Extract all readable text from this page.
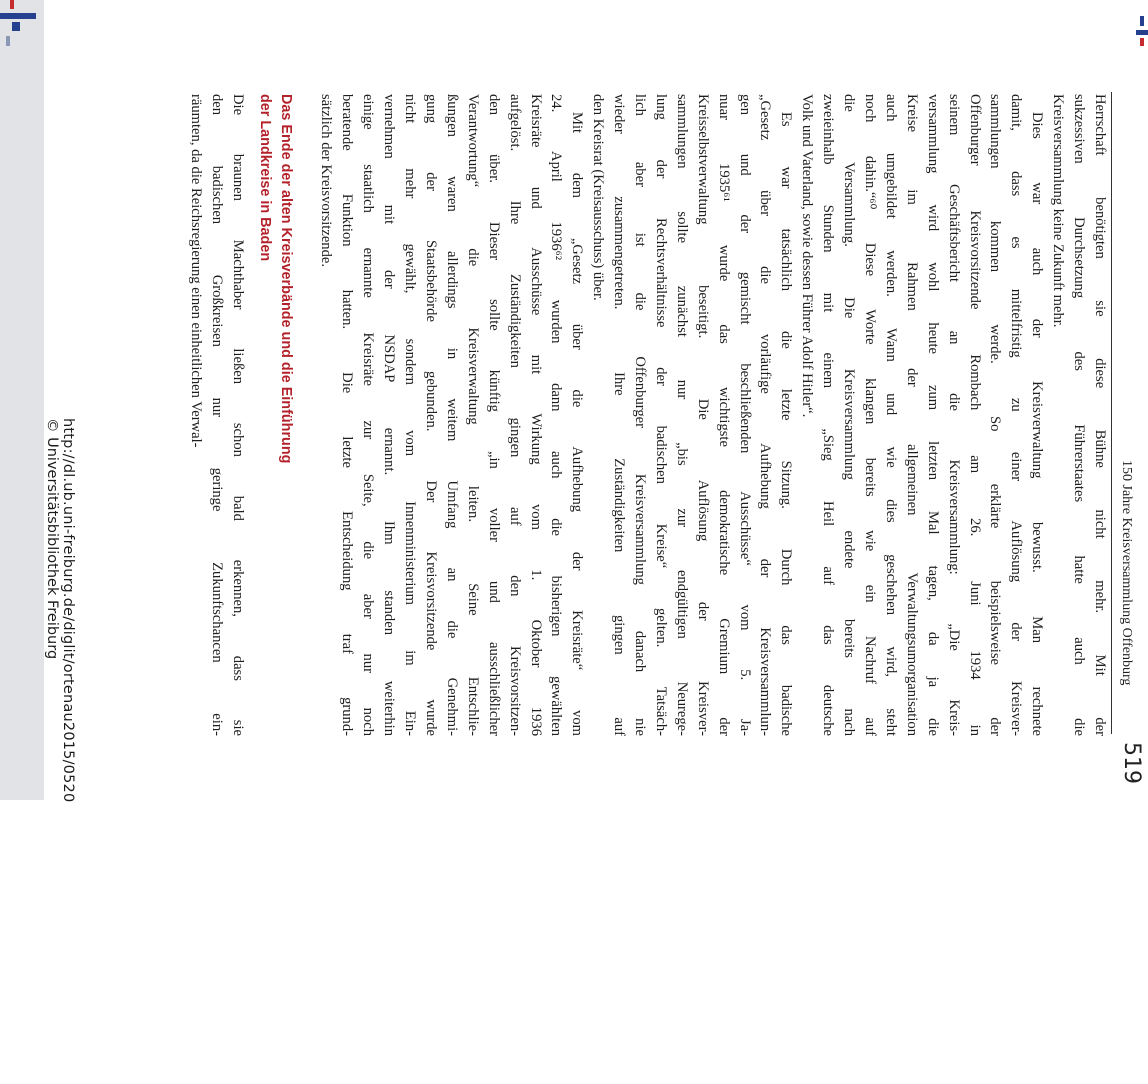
150 Jahre Kreisversammlung Offenburg
519

Herrschaft benötigten sie diese Bühne nicht mehr. Mit der
sukzessiven Durchsetzung des Führerstaates hatte auch die
Kreisversammlung keine Zukunft mehr.

Dies war auch der Kreisverwaltung bewusst. Man rechnete
damit, dass es mittelfristig zu einer Auflösung der Kreisver-
sammlungen kommen werde. So erklärte beispielsweise der
Offenburger Kreisvorsitzende Rombach am 26. Juni 1934 in
seinem Geschäftsbericht an die Kreisversammlung: „Die Kreis-
versammlung wird wohl heute zum letzten Mal tagen, da ja die
Kreise im Rahmen der allgemeinen Verwaltungsumorganisation
auch umgebildet werden. Wann und wie dies geschehen wird, steht
noch dahin.“⁶⁰ Diese Worte klangen bereits wie ein Nachruf auf
die Versammlung. Die Kreisversammlung endete bereits nach
zweieinhalb Stunden mit einem „Sieg Heil auf das deutsche
Volk und Vaterland, sowie dessen Führer Adolf Hitler“.

Es war tatsächlich die letzte Sitzung. Durch das badische
„Gesetz über die vorläufige Aufhebung der Kreisversammlun-
gen und der gemischt beschließenden Ausschüsse“ vom 5. Ja-
nuar 1935⁶¹ wurde das wichtigste demokratische Gremium der
Kreisselbstverwaltung beseitigt. Die Auflösung der Kreisver-
sammlungen sollte zunächst nur „bis zur endgültigen Neurege-
lung der Rechtsverhältnisse der badischen Kreise“ gelten. Tatsäch-
lich aber ist die Offenburger Kreisversammlung danach nie
wieder zusammengetreten. Ihre Zuständigkeiten gingen auf
den Kreisrat (Kreisausschuss) über.

Mit dem „Gesetz über die Aufhebung der Kreisräte“ vom
24. April 1936⁶² wurden dann auch die bisherigen gewählten
Kreisräte und Ausschüsse mit Wirkung vom 1. Oktober 1936
aufgelöst. Ihre Zuständigkeiten gingen auf den Kreisvorsitzen-
den über. Dieser sollte künftig „in voller und ausschließlicher
Verantwortung“ die Kreisverwaltung leiten. Seine Entschlie-
ßungen waren allerdings in weitem Umfang an die Genehmi-
gung der Staatsbehörde gebunden. Der Kreisvorsitzende wurde
nicht mehr gewählt, sondern vom Innenministerium im Ein-
vernehmen mit der NSDAP ernannt. Ihm standen weiterhin
einige staatlich ernannte Kreisräte zur Seite, die aber nur noch
beratende Funktion hatten. Die letzte Entscheidung traf grund-
sätzlich der Kreisvorsitzende.

Das Ende der alten Kreisverbände und die Einführung
der Landkreise in Baden

Die braunen Machthaber ließen schon bald erkennen, dass sie
den badischen Großkreisen nur geringe Zukunftschancen ein-
räumten, da die Reichsregierung einen einheitlichen Verwal-

http://dl.ub.uni-freiburg.de/diglit/ortenau2015/0520
© Universitätsbibliothek Freiburg
